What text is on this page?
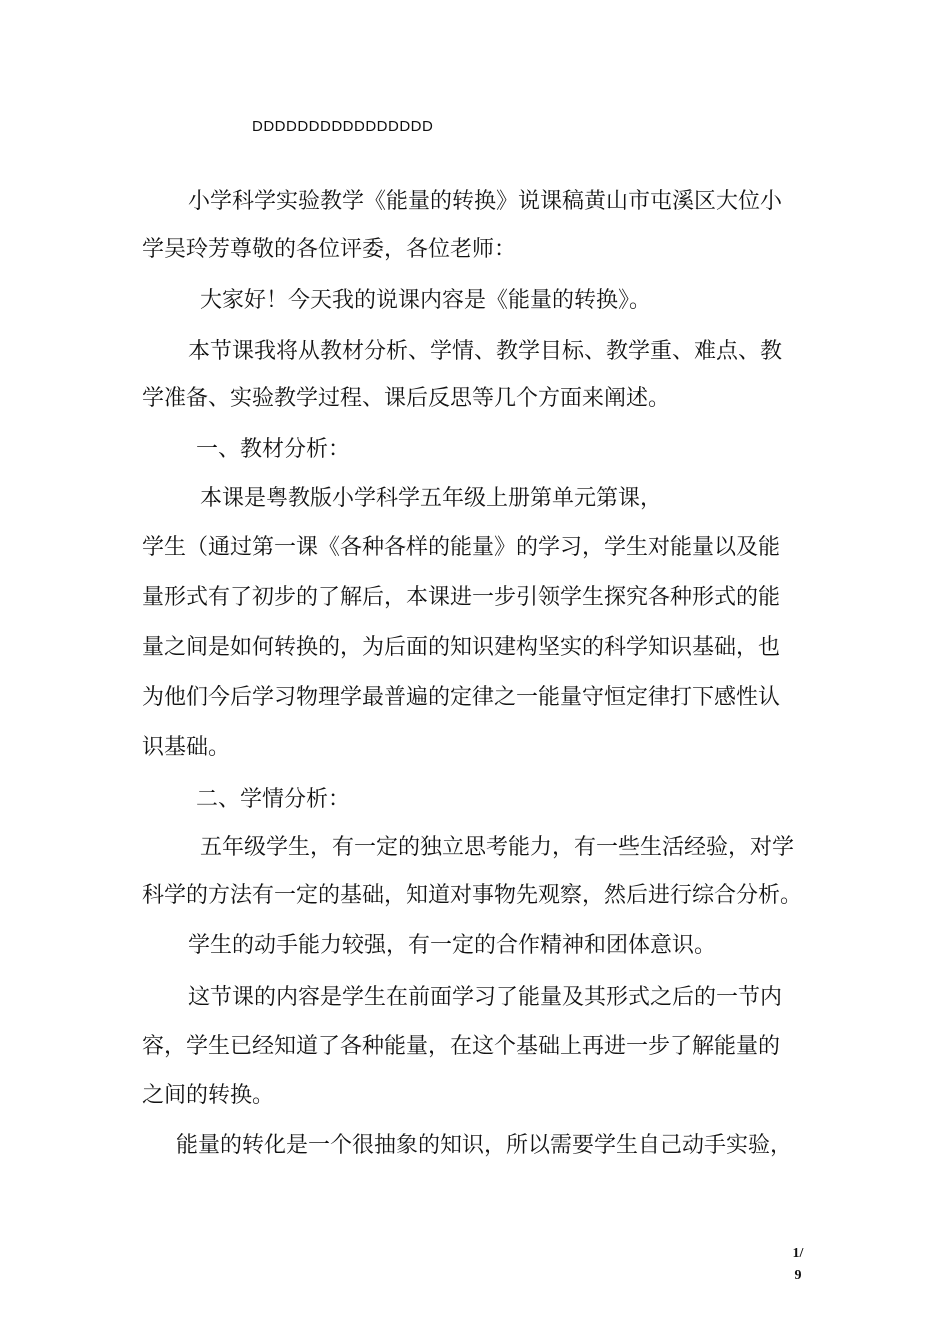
DDDDDDDDDDDDDDDD
小学科学实验教学《能量的转换》说课稿黄山市屯溪区大位小
学吴玲芳尊敬的各位评委，各位老师：
大家好！今天我的说课内容是《能量的转换》。
本节课我将从教材分析、学情、教学目标、教学重、难点、教
学准备、实验教学过程、课后反思等几个方面来阐述。
一、教材分析：
本课是粤教版小学科学五年级上册第单元第课，
学生（通过第一课《各种各样的能量》的学习，学生对能量以及能
量形式有了初步的了解后，本课进一步引领学生探究各种形式的能
量之间是如何转换的，为后面的知识建构坚实的科学知识基础，也
为他们今后学习物理学最普遍的定律之一能量守恒定律打下感性认
识基础。
二、学情分析：
五年级学生，有一定的独立思考能力，有一些生活经验，对学
科学的方法有一定的基础，知道对事物先观察，然后进行综合分析。
学生的动手能力较强，有一定的合作精神和团体意识。
这节课的内容是学生在前面学习了能量及其形式之后的一节内
容，学生已经知道了各种能量，在这个基础上再进一步了解能量的
之间的转换。
能量的转化是一个很抽象的知识，所以需要学生自己动手实验，
1/
9
